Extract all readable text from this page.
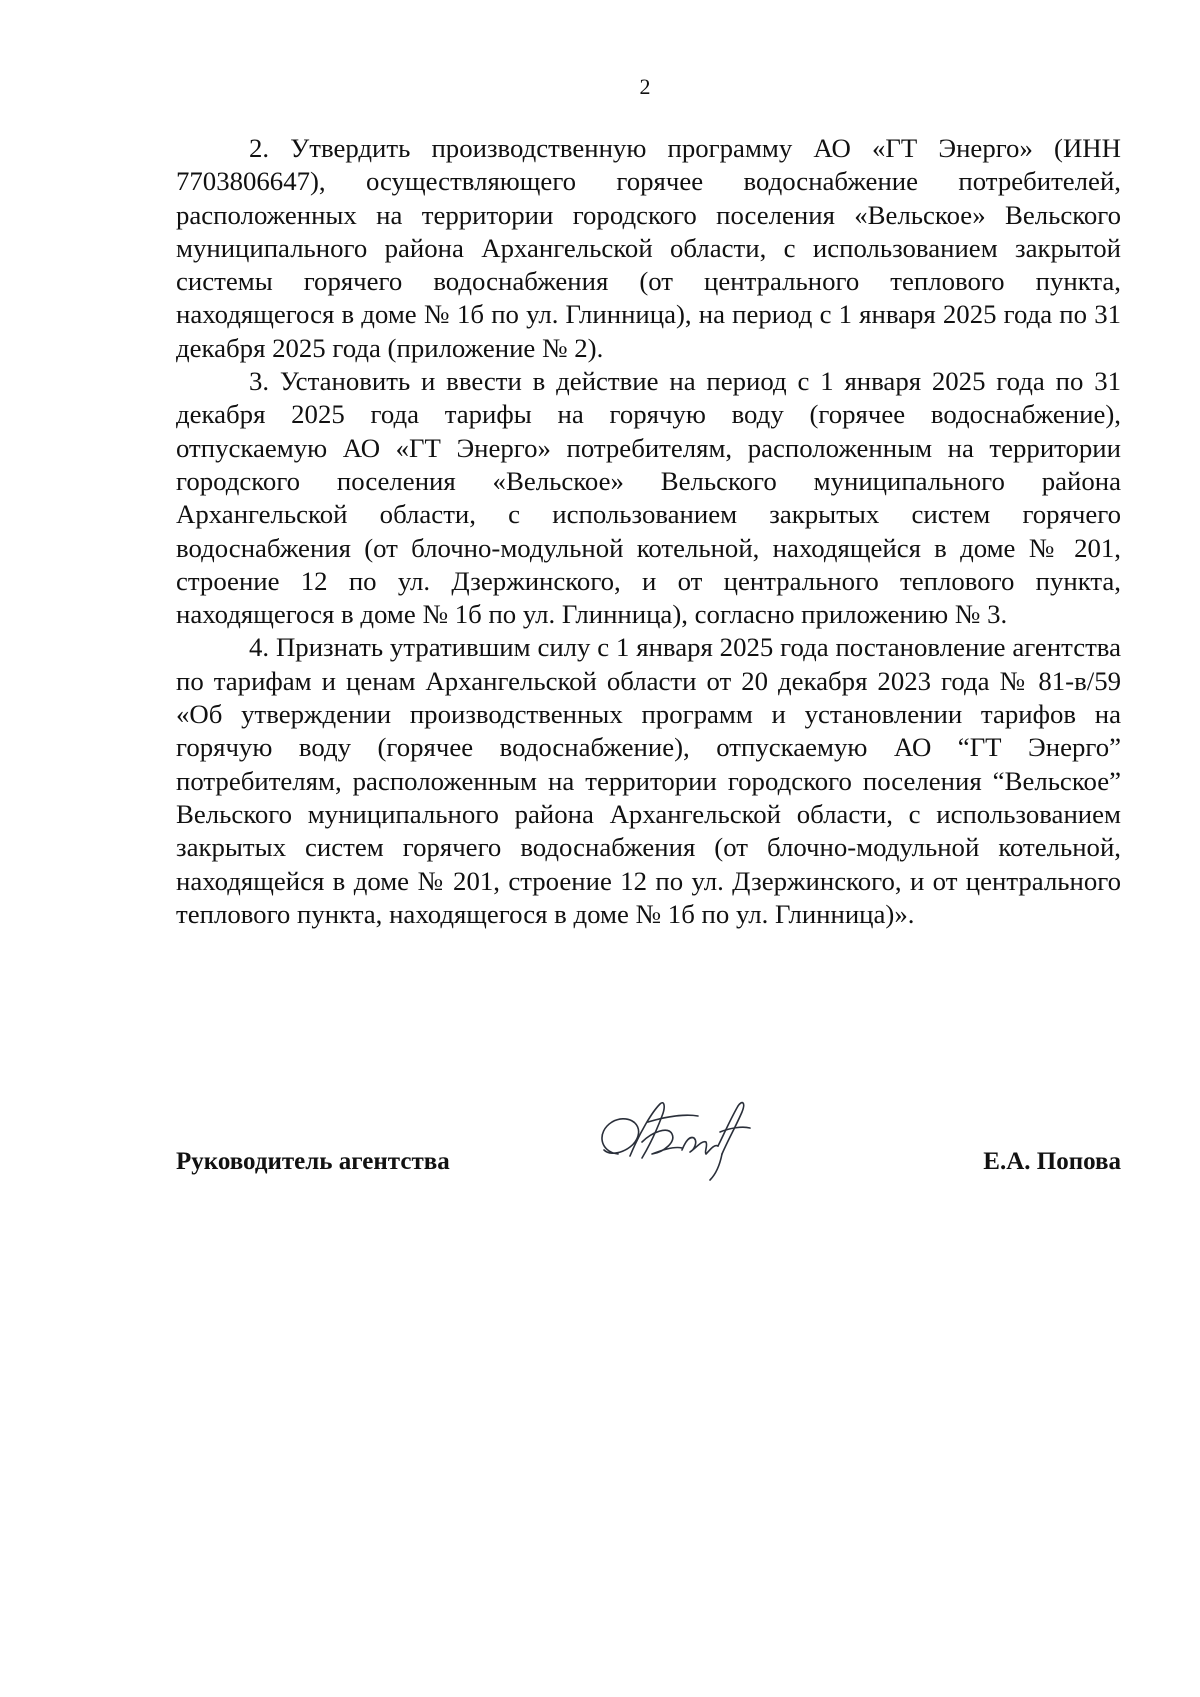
2

2. Утвердить производственную программу АО «ГТ Энерго» (ИНН 7703806647), осуществляющего горячее водоснабжение потребителей, расположенных на территории городского поселения «Вельское» Вельского муниципального района Архангельской области, с использованием закрытой системы горячего водоснабжения (от центрального теплового пункта, находящегося в доме № 1б по ул. Глинница), на период с 1 января 2025 года по 31 декабря 2025 года (приложение № 2).

3. Установить и ввести в действие на период с 1 января 2025 года по 31 декабря 2025 года тарифы на горячую воду (горячее водоснабжение), отпускаемую АО «ГТ Энерго» потребителям, расположенным на территории городского поселения «Вельское» Вельского муниципального района Архангельской области, с использованием закрытых систем горячего водоснабжения (от блочно-модульной котельной, находящейся в доме № 201, строение 12 по ул. Дзержинского, и от центрального теплового пункта, находящегося в доме № 1б по ул. Глинница), согласно приложению № 3.

4. Признать утратившим силу с 1 января 2025 года постановление агентства по тарифам и ценам Архангельской области от 20 декабря 2023 года № 81-в/59 «Об утверждении производственных программ и установлении тарифов на горячую воду (горячее водоснабжение), отпускаемую АО “ГТ Энерго” потребителям, расположенным на территории городского поселения “Вельское” Вельского муниципального района Архангельской области, с использованием закрытых систем горячего водоснабжения (от блочно-модульной котельной, находящейся в доме № 201, строение 12 по ул. Дзержинского, и от центрального теплового пункта, находящегося в доме № 1б по ул. Глинница)».

Руководитель агентства	Е.А. Попова
